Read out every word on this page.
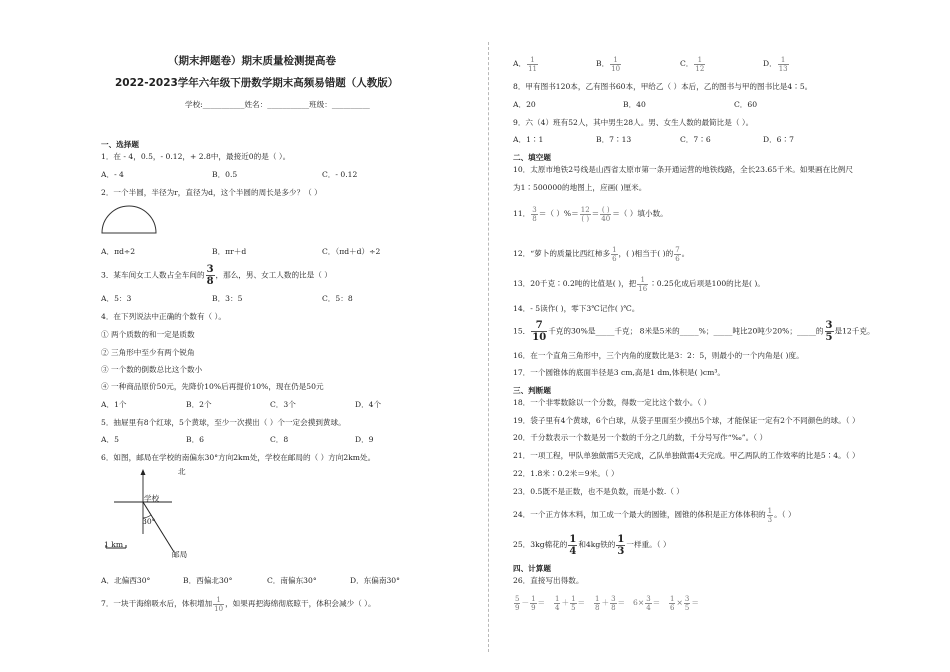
（期末押题卷）期末质量检测提高卷
2022-2023学年六年级下册数学期末高频易错题（人教版）
学校:___________姓名：___________班级：__________
一、选择题
1．在 - 4，0.5，- 0.12，+ 2.8中，最接近0的是（ ）。
A．- 4	B．0.5	C．- 0.12
2．一个半圆，半径为r，直径为d，这个半圆的周长是多少？（ ）
A．πd÷2	B．πr＋d	C．（πd＋d）÷2
3．某车间女工人数占全车间的 $\frac{3}{8}$ ，那么，男、女工人数的比是（ ）
A．5：3	B．3：5	C．5：8
4．在下列说法中正确的个数有（ ）。
① 两个质数的和一定是质数
② 三角形中至少有两个锐角
③ 一个数的倒数总比这个数小
④ 一种商品原价50元，先降价10%后再提价10%，现在仍是50元
A．1个	B．2个	C．3个	D．4个
5．抽屉里有8个红球，5个黄球，至少一次摸出（ ）个一定会摸到黄球。
A．5	B．6	C．8	D．9
6．如图，邮局在学校的南偏东30°方向2km处，学校在邮局的（ ）方向2km处。
北
学校
30°
1 km
邮局
A．北偏西30°	B．西偏北30°	C．南偏东30°	D．东偏南30°
7．一块干海绵吸水后，体积增加 $\frac{1}{10}$ ，如果再把海绵彻底晾干，体积会减少（ ）。
A． $\frac{1}{11}$	B． $\frac{1}{10}$	C． $\frac{1}{12}$	D． $\frac{1}{13}$
8．甲有图书120本，乙有图书60本，甲给乙（ ）本后，乙的图书与甲的图书比是4∶5。
A．20	B．40	C．60
9．六（4）班有52人，其中男生28人。男、女生人数的最简比是（ ）。
A．1∶1	B．7∶13	C．7∶6	D．6∶7
二、填空题
10．太原市地铁2号线是山西省太原市第一条开通运营的地铁线路，全长23.65千米。如果画在比例尺
为1∶500000的地图上，应画( )厘米。
11． $\frac{3}{8}$ ＝（ ）%＝ $\frac{12}{( )} = \frac{( )}{40}$ ＝（ ）填小数。
12．“萝卜的质量比西红柿多 $\frac{1}{6}$ ，( )相当于( )的 $\frac{7}{6}$ 。
13．20千克∶0.2吨的比值是( )，把 $\frac{1}{16}$ ∶0.25化成后项是100的比是( )。
14．- 5读作( )，零下3℃记作( )℃。
15． $\frac{7}{10}$ 千克的30%是_____千克； 8米是5米的_____%；_____吨比20吨少20%；_____的 $\frac{3}{5}$ 是12千克。
16．在一个直角三角形中，三个内角的度数比是3：2：5，则最小的一个内角是( )度。
17．一个圆锥体的底面半径是3 cm,高是1 dm,体积是( )cm³。
三、判断题
18．一个非零数除以一个分数，得数一定比这个数小。（ ）
19．袋子里有4个黄球，6个白球，从袋子里面至少摸出5个球，才能保证一定有2个不同颜色的球。（ ）
20．千分数表示一个数是另一个数的千分之几的数，千分号写作“‰”。（ ）
21．一项工程，甲队单独做需5天完成，乙队单独做需4天完成。甲乙两队的工作效率的比是5∶4。（ ）
22．1.8米∶0.2米＝9米。（ ）
23．0.5既不是正数，也不是负数，而是小数.（ ）
24．一个正方体木料，加工成一个最大的圆锥，圆锥的体积是正方体体积的 $\frac{1}{3}$ 。（ ）
25．3kg棉花的 $\frac{1}{4}$ 和4kg铁的 $\frac{1}{3}$ 一样重。（ ）
四、计算题
26．直接写出得数。
$\frac{5}{9} - \frac{1}{9} = \frac{1}{4} + \frac{1}{5} = \frac{1}{8} + \frac{3}{8} = 6\times \frac{3}{4} = \frac{1}{6} \times \frac{3}{5}$ ＝
